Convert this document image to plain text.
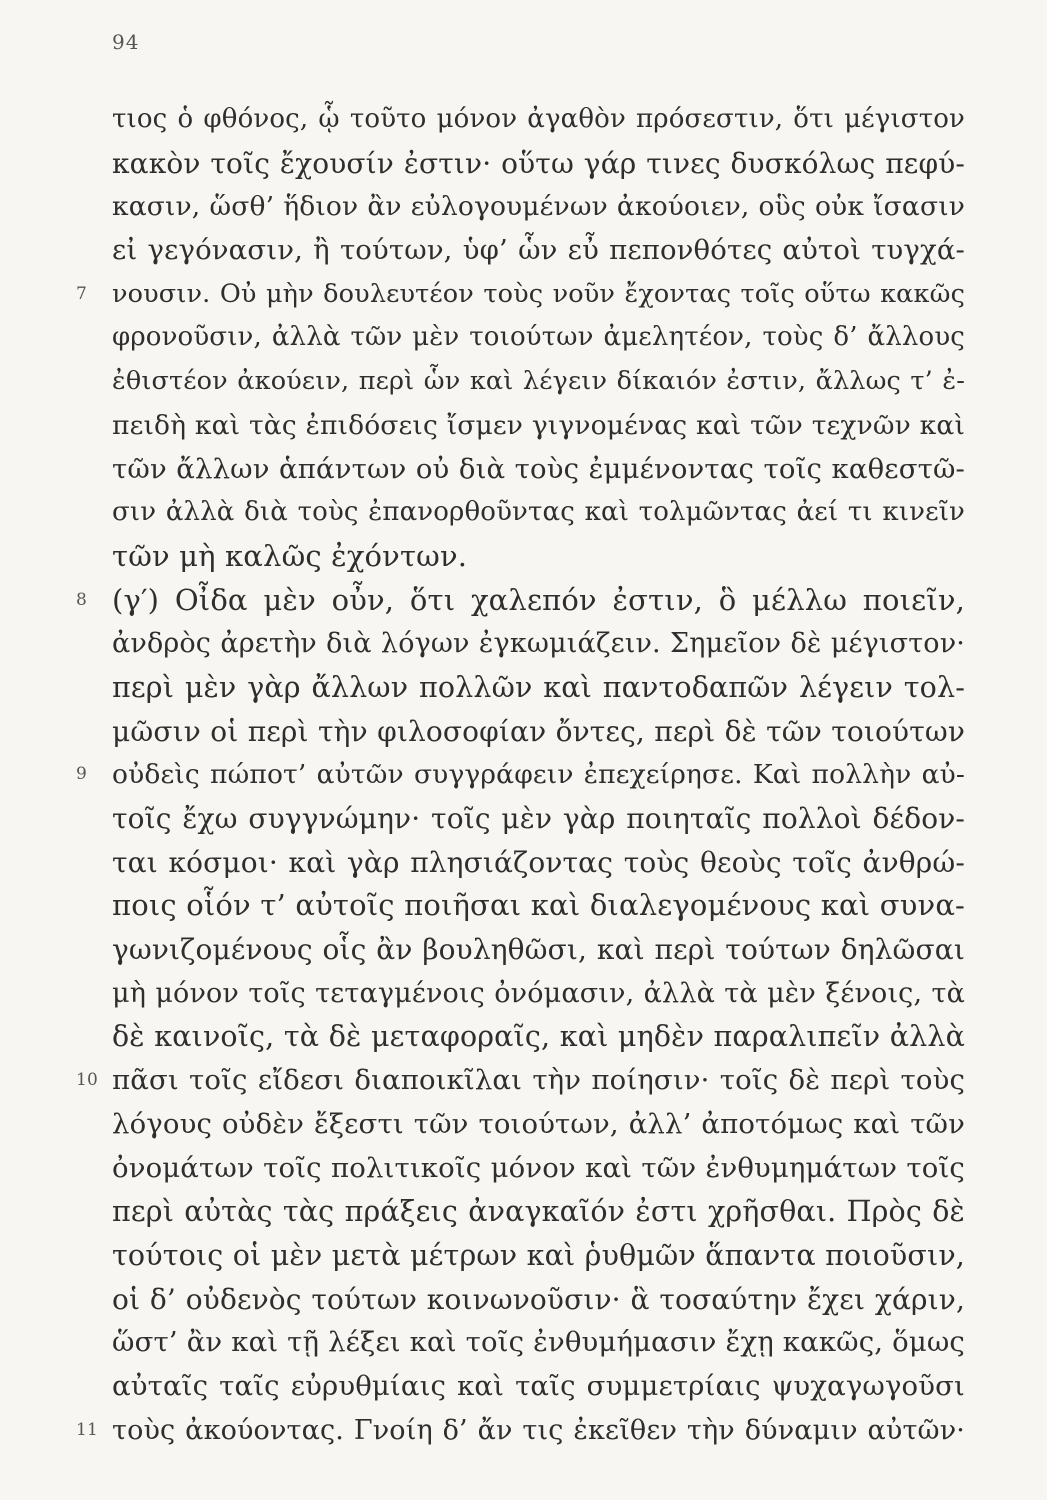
94
τιος ὁ φθόνος, ᾧ τοῦτο μόνον ἀγαθὸν πρόσεστιν, ὅτι μέγιστον
κακὸν τοῖς ἔχουσίν ἐστιν· οὕτω γάρ τινες δυσκόλως πεφύ-
κασιν, ὥσθ’ ἥδιον ἂν εὐλογουμένων ἀκούοιεν, οὓς οὐκ ἴσασιν
εἰ γεγόνασιν, ἢ τούτων, ὑφ’ ὧν εὖ πεπονθότες αὐτοὶ τυγχά-
7 νουσιν. Οὐ μὴν δουλευτέον τοὺς νοῦν ἔχοντας τοῖς οὕτω κακῶς
φρονοῦσιν, ἀλλὰ τῶν μὲν τοιούτων ἀμελητέον, τοὺς δ’ ἄλλους
ἐθιστέον ἀκούειν, περὶ ὧν καὶ λέγειν δίκαιόν ἐστιν, ἄλλως τ’ ἐ-
πειδὴ καὶ τὰς ἐπιδόσεις ἴσμεν γιγνομένας καὶ τῶν τεχνῶν καὶ
τῶν ἄλλων ἁπάντων οὐ διὰ τοὺς ἐμμένοντας τοῖς καθεστῶ-
σιν ἀλλὰ διὰ τοὺς ἐπανορθοῦντας καὶ τολμῶντας ἀεί τι κινεῖν
τῶν μὴ καλῶς ἐχόντων.
8 (γ′) Οἶδα μὲν οὖν, ὅτι χαλεπόν ἐστιν, ὃ μέλλω ποιεῖν,
ἀνδρὸς ἀρετὴν διὰ λόγων ἐγκωμιάζειν. Σημεῖον δὲ μέγιστον·
περὶ μὲν γὰρ ἄλλων πολλῶν καὶ παντοδαπῶν λέγειν τολ-
μῶσιν οἱ περὶ τὴν φιλοσοφίαν ὄντες, περὶ δὲ τῶν τοιούτων
9 οὐδεὶς πώποτ’ αὐτῶν συγγράφειν ἐπεχείρησε. Καὶ πολλὴν αὐ-
τοῖς ἔχω συγγνώμην· τοῖς μὲν γὰρ ποιηταῖς πολλοὶ δέδον-
ται κόσμοι· καὶ γὰρ πλησιάζοντας τοὺς θεοὺς τοῖς ἀνθρώ-
ποις οἷόν τ’ αὐτοῖς ποιῆσαι καὶ διαλεγομένους καὶ συνα-
γωνιζομένους οἷς ἂν βουληθῶσι, καὶ περὶ τούτων δηλῶσαι
μὴ μόνον τοῖς τεταγμένοις ὀνόμασιν, ἀλλὰ τὰ μὲν ξένοις, τὰ
δὲ καινοῖς, τὰ δὲ μεταφοραῖς, καὶ μηδὲν παραλιπεῖν ἀλλὰ
10 πᾶσι τοῖς εἴδεσι διαποικῖλαι τὴν ποίησιν· τοῖς δὲ περὶ τοὺς
λόγους οὐδὲν ἔξεστι τῶν τοιούτων, ἀλλ’ ἀποτόμως καὶ τῶν
ὀνομάτων τοῖς πολιτικοῖς μόνον καὶ τῶν ἐνθυμημάτων τοῖς
περὶ αὐτὰς τὰς πράξεις ἀναγκαῖόν ἐστι χρῆσθαι. Πρὸς δὲ
τούτοις οἱ μὲν μετὰ μέτρων καὶ ῥυθμῶν ἅπαντα ποιοῦσιν,
οἱ δ’ οὐδενὸς τούτων κοινωνοῦσιν· ἃ τοσαύτην ἔχει χάριν,
ὥστ’ ἂν καὶ τῇ λέξει καὶ τοῖς ἐνθυμήμασιν ἔχῃ κακῶς, ὅμως
αὐταῖς ταῖς εὐρυθμίαις καὶ ταῖς συμμετρίαις ψυχαγωγοῦσι
11 τοὺς ἀκούοντας. Γνοίη δ’ ἄν τις ἐκεῖθεν τὴν δύναμιν αὐτῶν·
